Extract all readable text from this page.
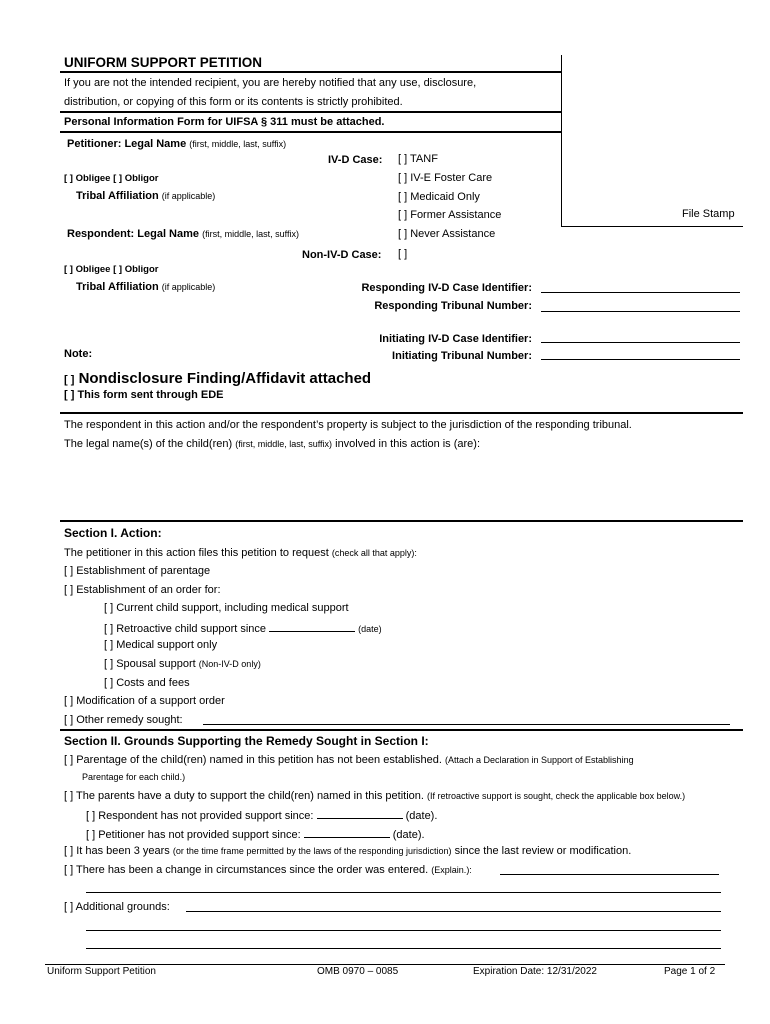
UNIFORM SUPPORT PETITION
File Stamp
If you are not the intended recipient, you are hereby notified that any use, disclosure,
distribution, or copying of this form or its contents is strictly prohibited.
Personal Information Form for UIFSA § 311 must be attached.
Petitioner: Legal Name (first, middle, last, suffix)
IV-D Case:
[ ] Obligee [ ] Obligor
Tribal Affiliation (if applicable)
[ ] TANF
[ ] IV-E Foster Care
[ ] Medicaid Only
[ ] Former Assistance
[ ] Never Assistance
Respondent: Legal Name (first, middle, last, suffix)
Non-IV-D Case: [ ]
[ ] Obligee [ ] Obligor
Tribal Affiliation (if applicable)	Responding IV-D Case Identifier:
Responding Tribunal Number:
Initiating IV-D Case Identifier:
Note:	Initiating Tribunal Number:
[ ] Nondisclosure Finding/Affidavit attached
[ ] This form sent through EDE
The respondent in this action and/or the respondent’s property is subject to the jurisdiction of the responding tribunal.
The legal name(s) of the child(ren) (first, middle, last, suffix) involved in this action is (are):
Section I. Action:
The petitioner in this action files this petition to request (check all that apply):
[ ] Establishment of parentage
[ ] Establishment of an order for:
[ ] Current child support, including medical support
[ ] Retroactive child support since	(date)
[ ] Medical support only
[ ] Spousal support (Non-IV-D only)
[ ] Costs and fees
[ ] Modification of a support order
[ ] Other remedy sought:
Section II. Grounds Supporting the Remedy Sought in Section I:
[ ] Parentage of the child(ren) named in this petition has not been established. (Attach a Declaration in Support of Establishing
Parentage for each child.)
[ ] The parents have a duty to support the child(ren) named in this petition. (If retroactive support is sought, check the applicable box below.)
[ ] Respondent has not provided support since:	(date).
[ ] Petitioner has not provided support since:	(date).
[ ] It has been 3 years (or the time frame permitted by the laws of the responding jurisdiction) since the last review or modification.
[ ] There has been a change in circumstances since the order was entered. (Explain.):
[ ] Additional grounds:
Uniform Support Petition	OMB 0970 – 0085	Expiration Date: 12/31/2022	Page 1 of 2
